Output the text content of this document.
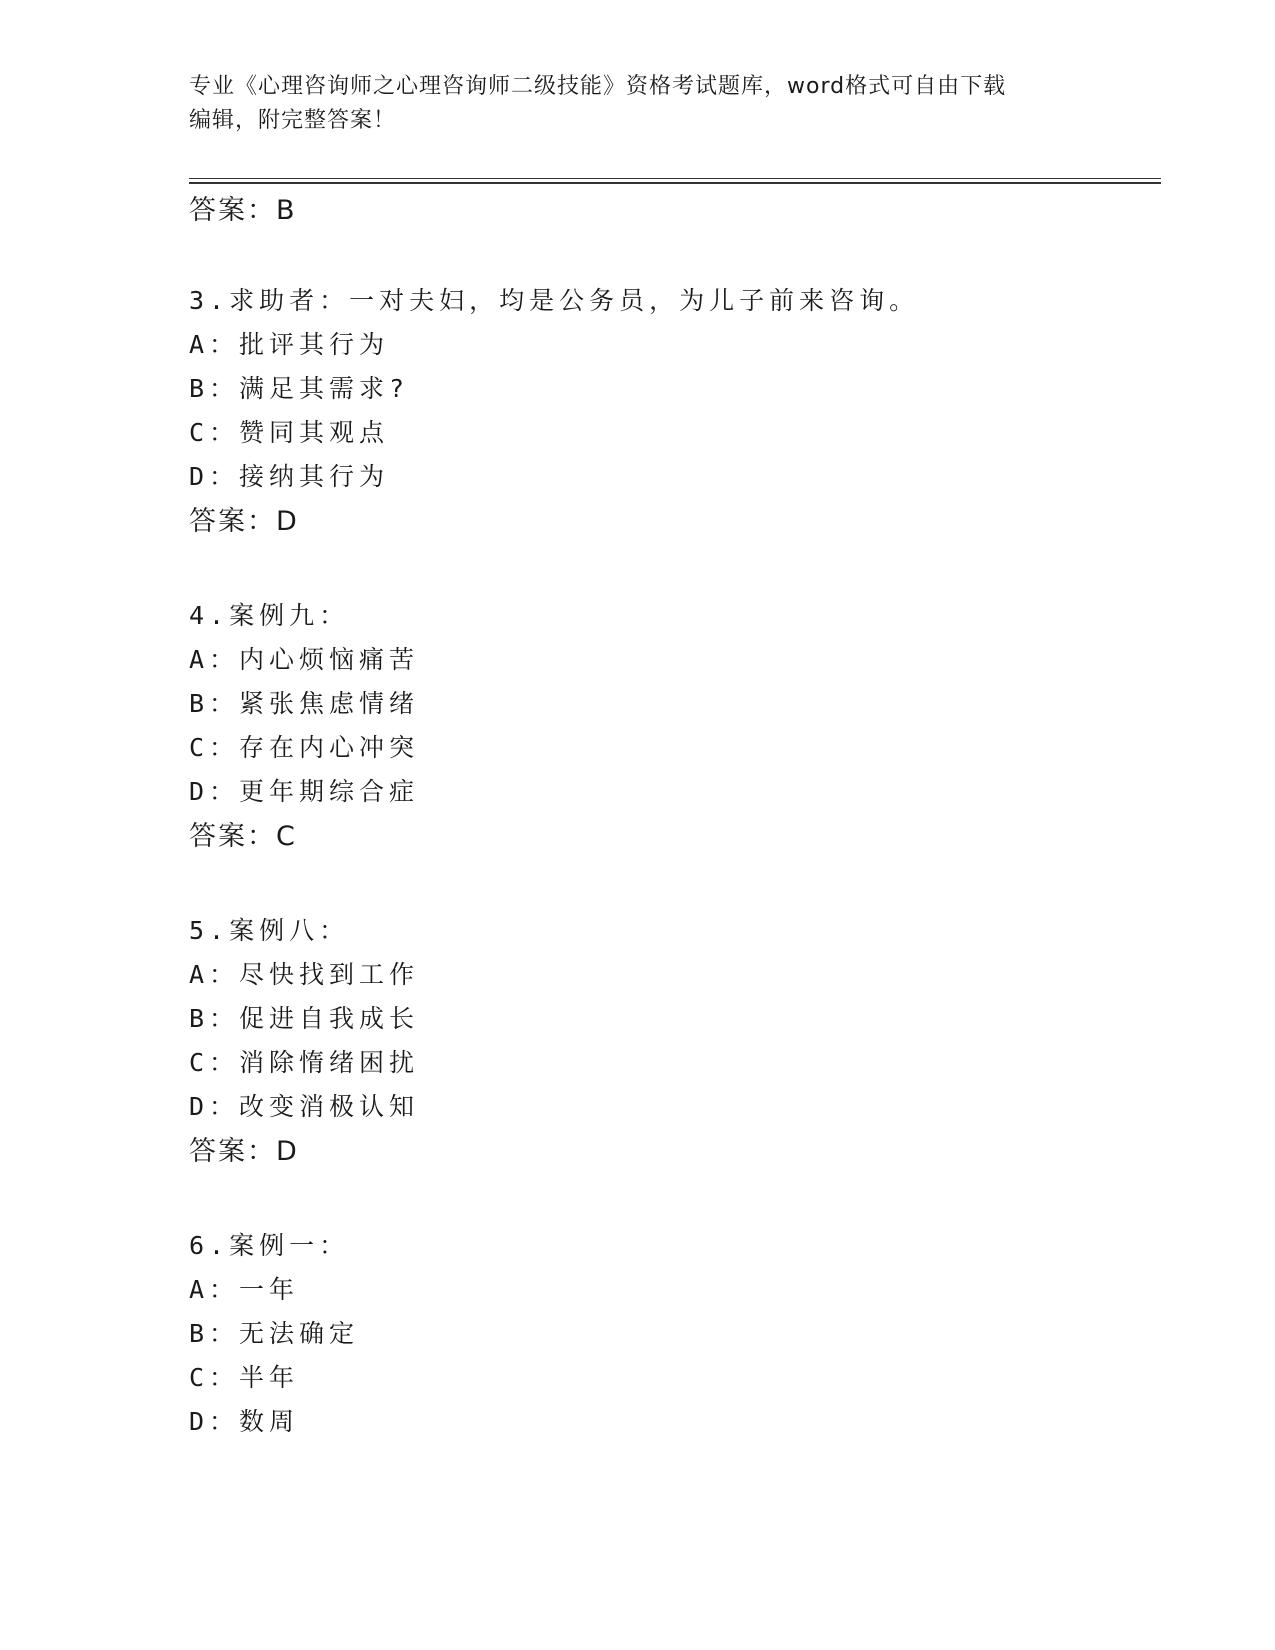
专业《心理咨询师之心理咨询师二级技能》资格考试题库，word格式可自由下载
编辑，附完整答案！
答案：B
3.求助者：一对夫妇，均是公务员，为儿子前来咨询。
A：批评其行为
B：满足其需求?
C：赞同其观点
D：接纳其行为
答案：D
4.案例九：
A：内心烦恼痛苦
B：紧张焦虑情绪
C：存在内心冲突
D：更年期综合症
答案：C
5.案例八：
A：尽快找到工作
B：促进自我成长
C：消除惰绪困扰
D：改变消极认知
答案：D
6.案例一：
A：一年
B：无法确定
C：半年
D：数周
